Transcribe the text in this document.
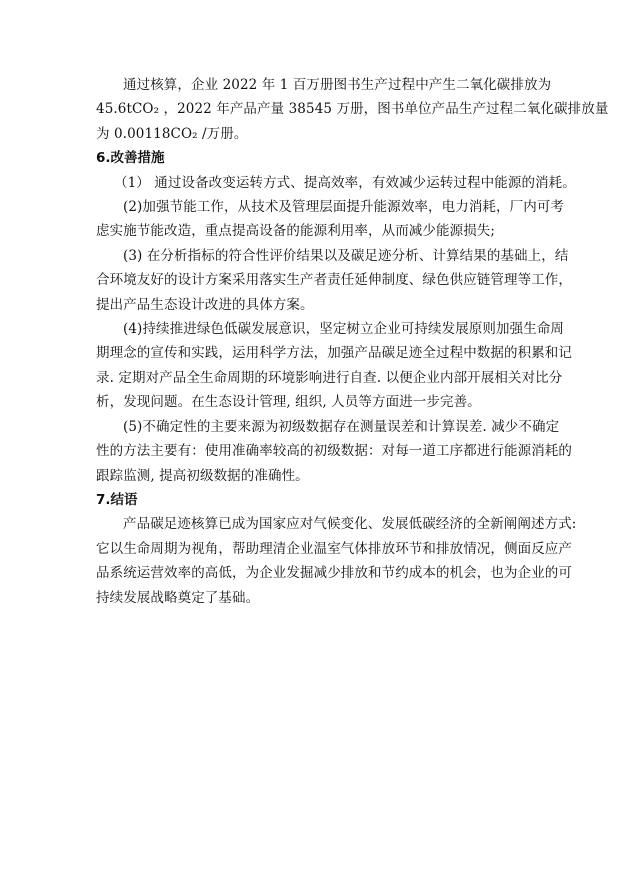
通过核算，企业 2022 年 1 百万册图书生产过程中产生二氧化碳排放为
45.6tCO₂ ，2022 年产品产量 38545 万册，图书单位产品生产过程二氧化碳排放量
为 0.00118CO₂ /万册。
6.改善措施
（1） 通过设备改变运转方式、提高效率，有效减少运转过程中能源的消耗。
(2)加强节能工作，从技术及管理层面提升能源效率，电力消耗，厂内可考
虑实施节能改造，重点提高设备的能源利用率，从而减少能源损失;
(3) 在分析指标的符合性评价结果以及碳足迹分析、计算结果的基础上，结
合环境友好的设计方案采用落实生产者责任延伸制度、绿色供应链管理等工作，
提出产品生态设计改进的具体方案。
(4)持续推进绿色低碳发展意识，坚定树立企业可持续发展原则加强生命周
期理念的宣传和实践，运用科学方法，加强产品碳足迹全过程中数据的积累和记
录. 定期对产品全生命周期的环境影响进行自查. 以便企业内部开展相关对比分
析，发现问题。在生态设计管理, 组织, 人员等方面进一步完善。
(5)不确定性的主要来源为初级数据存在测量误差和计算误差. 减少不确定
性的方法主要有：使用准确率较高的初级数据：对每一道工序都进行能源消耗的
跟踪监测, 提高初级数据的准确性。
7.结语
产品碳足迹核算已成为国家应对气候变化、发展低碳经济的全新阐阐述方式:
它以生命周期为视角，帮助理清企业温室气体排放环节和排放情况，侧面反应产
品系统运营效率的高低，为企业发掘减少排放和节约成本的机会，也为企业的可
持续发展战略奠定了基础。
